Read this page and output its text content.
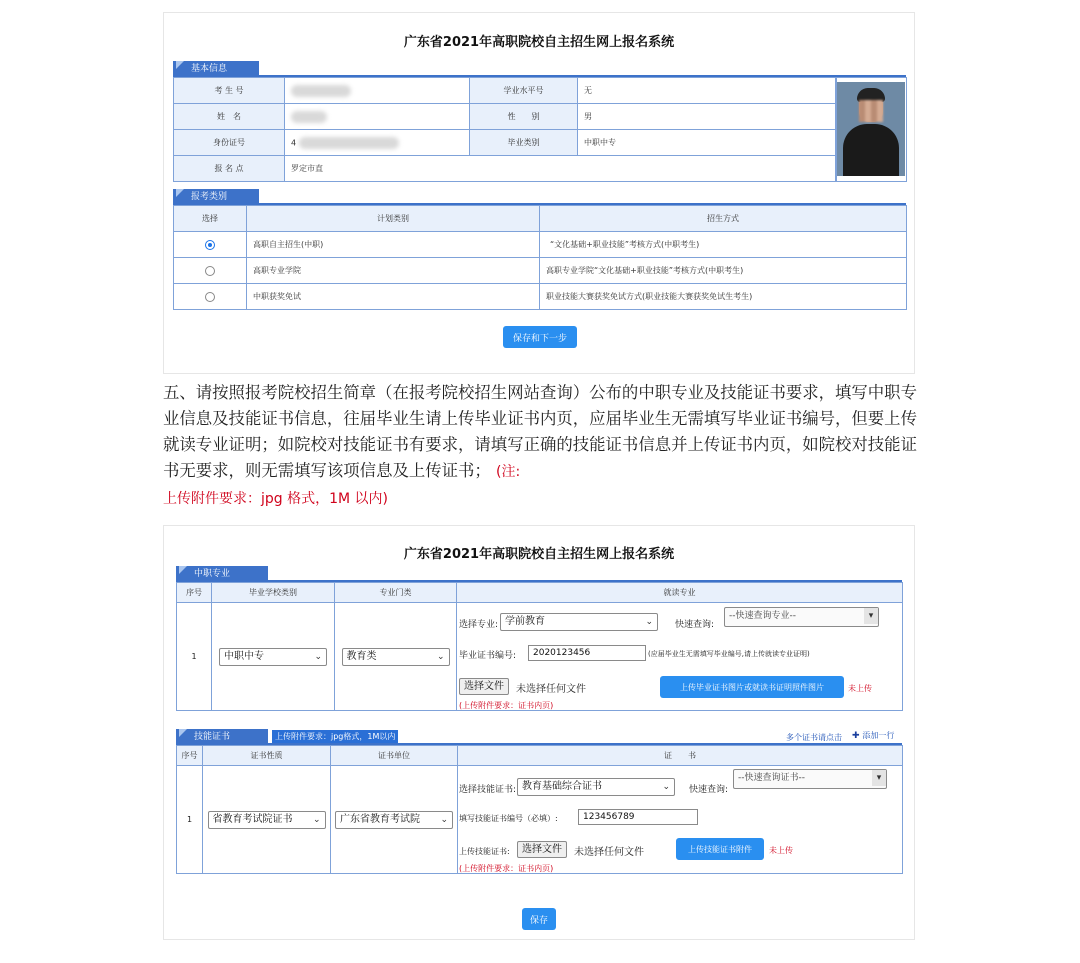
广东省2021年高职院校自主招生网上报名系统
基本信息
考 生 号		学业水平号	无
姓　名		性　　别	男
身份证号	4	毕业类别	中职中专
报 名 点	罗定市直		
报考类别
选择	计划类别	招生方式
	高职自主招生(中职)	“文化基础+职业技能”考核方式(中职考生)
	高职专业学院	高职专业学院“文化基础+职业技能”考核方式(中职考生)
	中职获奖免试	职业技能大赛获奖免试方式(职业技能大赛获奖免试生考生)
保存和下一步
五、请按照报考院校招生简章（在报考院校招生网站查询）公布的中职专业及技能证书要求，填写中职专业信息及技能证书信息，往届毕业生请上传毕业证书内页，应届毕业生无需填写毕业证书编号，但要上传就读专业证明；如院校对技能证书有要求，请填写正确的技能证书信息并上传证书内页，如院校对技能证书无要求，则无需填写该项信息及上传证书； (注:
上传附件要求：jpg 格式，1M 以内)
广东省2021年高职院校自主招生网上报名系统
中职专业
序号	毕业学校类别	专业门类	就读专业
1	中职中专 ⌄	教育类 ⌄	

选择专业: 学前教育	⌄ 快速查询:
--快速查询专业--	▾
毕业证书编号:	2020123456	(应届毕业生无需填写毕业编号,请上传就读专业证明)
选择文件	未选择任何文件	上传毕业证书图片或就读书证明照件图片	未上传
(上传附件要求：证书内页)
技能证书	上传附件要求：jpg格式，1M以内	多个证书请点击 ✚ 添加一行
序号	证书性质	证书单位	证　　书
1	省教育考试院证书 ⌄	广东省教育考试院 ⌄	

选择技能证书: 教育基础综合证书	⌄ 快速查询:
--快速查询证书--	▾
填写技能证书编号（必填）:	123456789
上传技能证书:	选择文件	未选择任何文件	上传技能证书附件	未上传
(上传附件要求：证书内页)
保存
